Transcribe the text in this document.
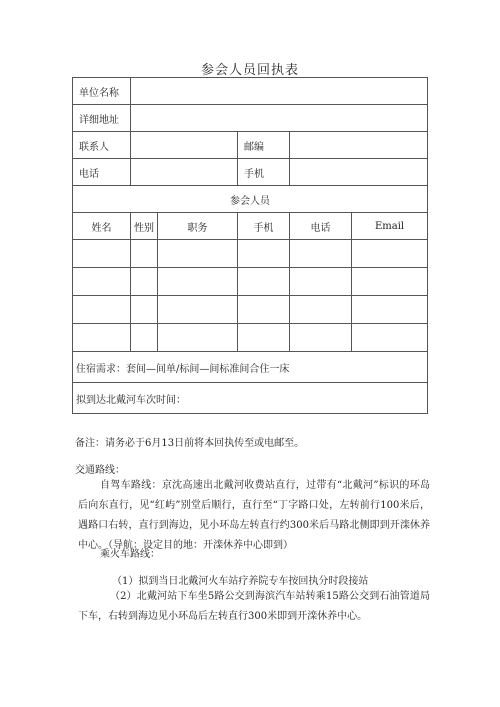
参会人员回执表
单位名称					
详细地址					
联系人			邮编		
电话			手机		
参会人员					
姓名	性别	职务	手机	电话	Email

住宿需求：套间—间单/标间—间标准间合住一床					
拟到达北戴河车次时间：					
备注：请务必于6月13日前将本回执传至或电邮至。
交通路线：
自驾车路线：京沈高速出北戴河收费站直行，过带有“北戴河”标识的环岛后向东直行，见“红屿”别堂后顺行，直行至“丁字路口处，左转前行100米后，遇路口右转，直行到海边，见小环岛左转直行约300米后马路北侧即到开滦休养中心。（导航：设定目的地：开滦休养中心即到）
乘火车路线：
（1）拟到当日北戴河火车站疗养院专车按回执分时段接站
（2）北戴河站下车坐5路公交到海滨汽车站转乘15路公交到石油管道局下车，右转到海边见小环岛后左转直行300米即到开滦休养中心。
